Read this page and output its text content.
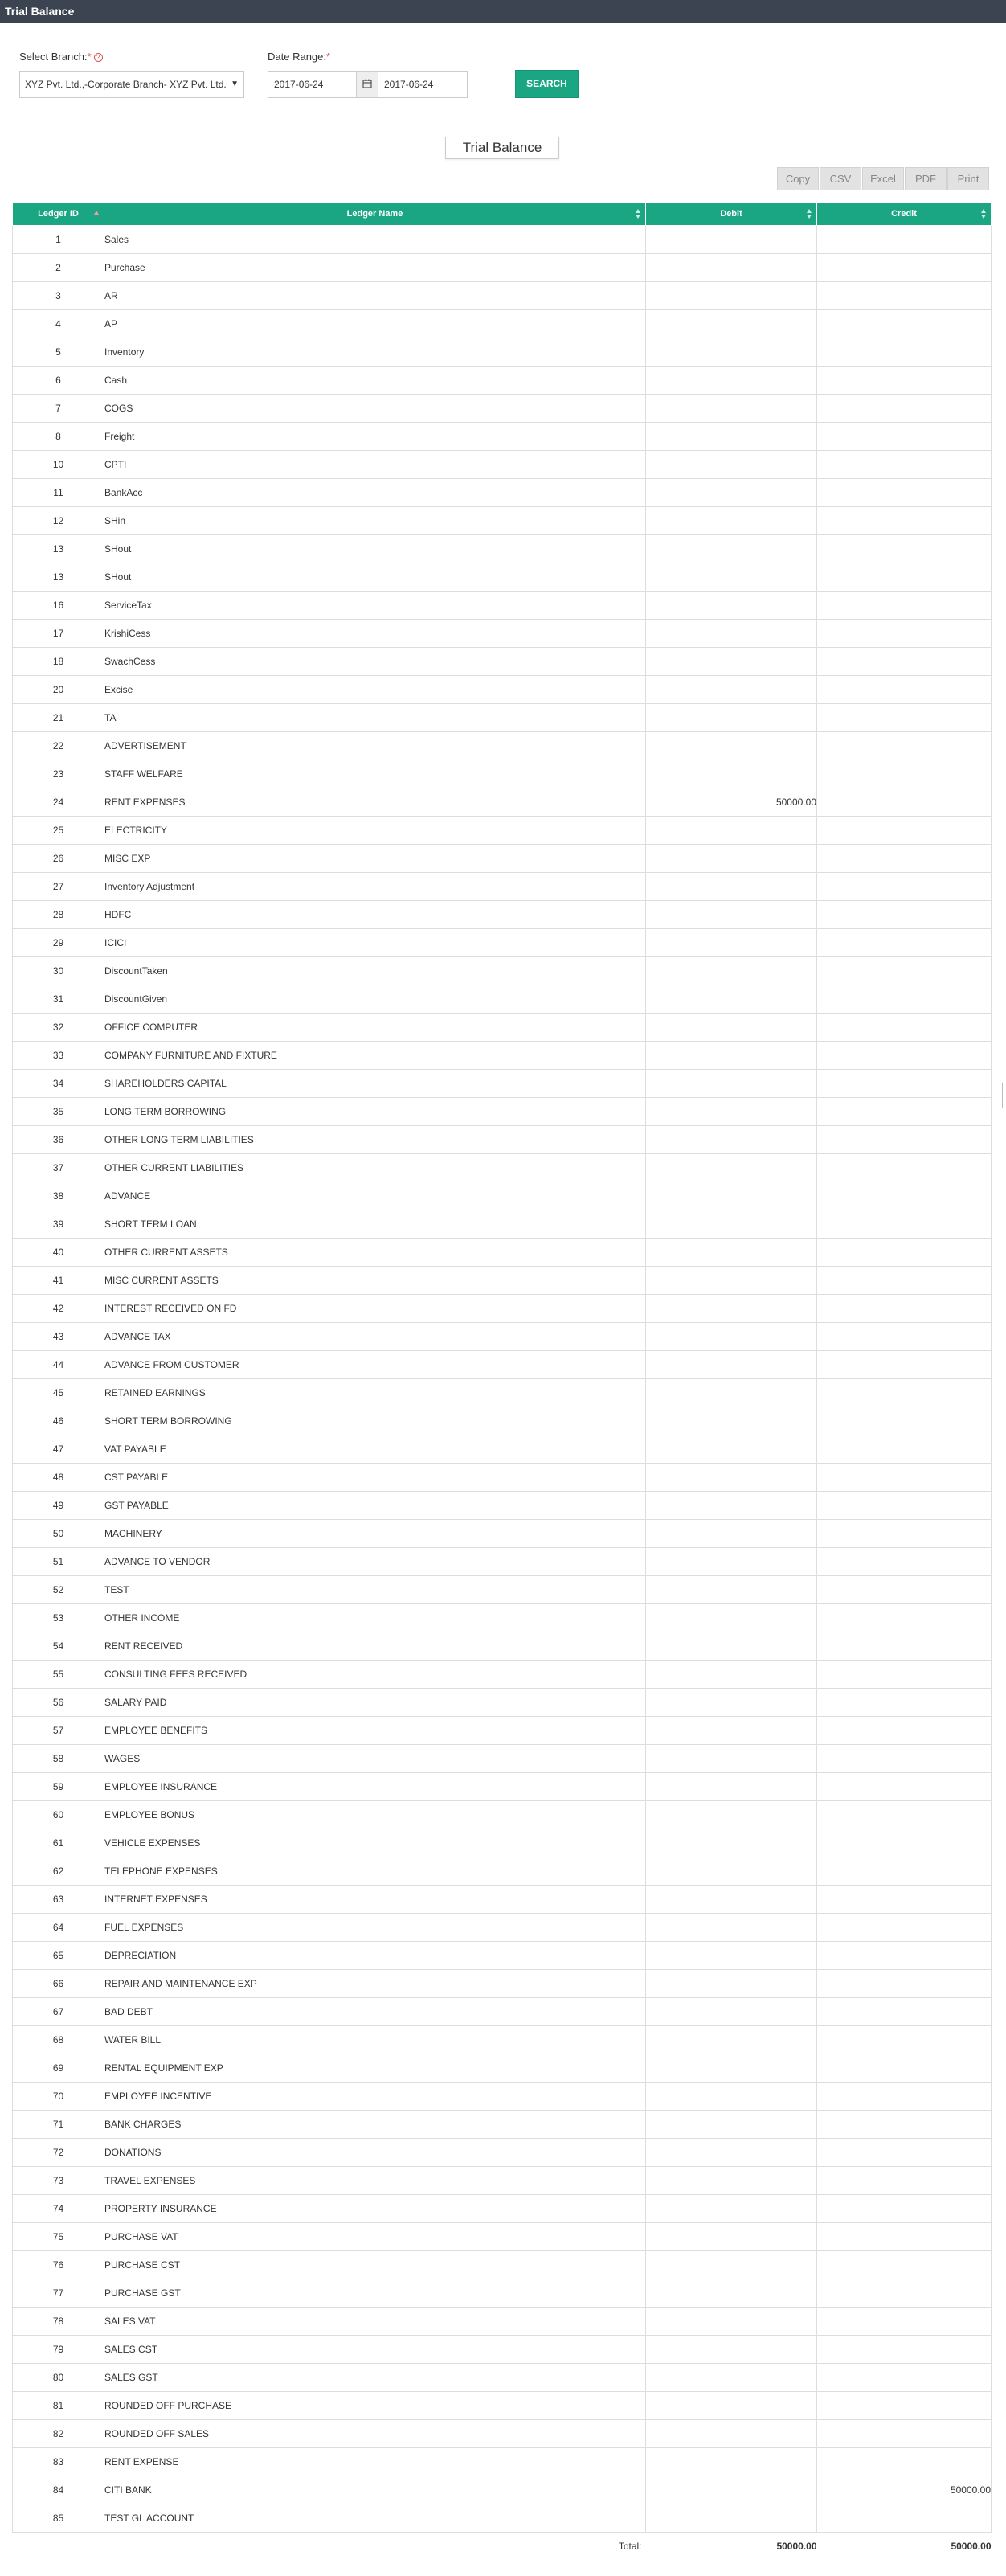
Trial Balance
Select Branch:* ?
XYZ Pvt. Ltd.,-Corporate Branch- XYZ Pvt. Ltd. ▼
Date Range:*
2017-06-24	2017-06-24	SEARCH
Trial Balance
Copy	CSV	Excel	PDF	Print
Ledger ID	Ledger Name	Debit	Credit

1	Sales		
2	Purchase		
3	AR		
4	AP		
5	Inventory		
6	Cash		
7	COGS		
8	Freight		
10	CPTI		
11	BankAcc		
12	SHin		
13	SHout		
13	SHout		
16	ServiceTax		
17	KrishiCess		
18	SwachCess		
20	Excise		
21	TA		
22	ADVERTISEMENT		
23	STAFF WELFARE		
24	RENT EXPENSES	50000.00	
25	ELECTRICITY		
26	MISC EXP		
27	Inventory Adjustment		
28	HDFC		
29	ICICI		
30	DiscountTaken		
31	DiscountGiven		
32	OFFICE COMPUTER		
33	COMPANY FURNITURE AND FIXTURE		
34	SHAREHOLDERS CAPITAL		
35	LONG TERM BORROWING		
36	OTHER LONG TERM LIABILITIES		
37	OTHER CURRENT LIABILITIES		
38	ADVANCE		
39	SHORT TERM LOAN		
40	OTHER CURRENT ASSETS		
41	MISC CURRENT ASSETS		
42	INTEREST RECEIVED ON FD		
43	ADVANCE TAX		
44	ADVANCE FROM CUSTOMER		
45	RETAINED EARNINGS		
46	SHORT TERM BORROWING		
47	VAT PAYABLE		
48	CST PAYABLE		
49	GST PAYABLE		
50	MACHINERY		
51	ADVANCE TO VENDOR		
52	TEST		
53	OTHER INCOME		
54	RENT RECEIVED		
55	CONSULTING FEES RECEIVED		
56	SALARY PAID		
57	EMPLOYEE BENEFITS		
58	WAGES		
59	EMPLOYEE INSURANCE		
60	EMPLOYEE BONUS		
61	VEHICLE EXPENSES		
62	TELEPHONE EXPENSES		
63	INTERNET EXPENSES		
64	FUEL EXPENSES		
65	DEPRECIATION		
66	REPAIR AND MAINTENANCE EXP		
67	BAD DEBT		
68	WATER BILL		
69	RENTAL EQUIPMENT EXP		
70	EMPLOYEE INCENTIVE		
71	BANK CHARGES		
72	DONATIONS		
73	TRAVEL EXPENSES		
74	PROPERTY INSURANCE		
75	PURCHASE VAT		
76	PURCHASE CST		
77	PURCHASE GST		
78	SALES VAT		
79	SALES CST		
80	SALES GST		
81	ROUNDED OFF PURCHASE		
82	ROUNDED OFF SALES		
83	RENT EXPENSE		
84	CITI BANK		50000.00
85	TEST GL ACCOUNT		
	Total:	50000.00	50000.00
